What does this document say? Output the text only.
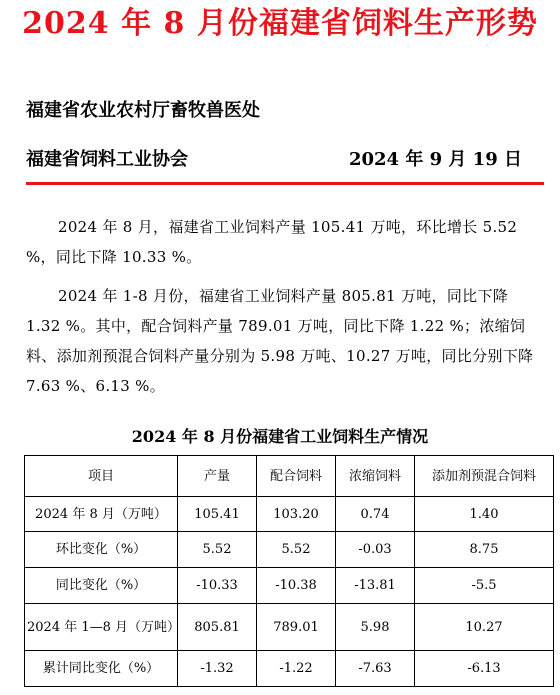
2024 年 8 月份福建省饲料生产形势
福建省农业农村厅畜牧兽医处
福建省饲料工业协会	2024 年 9 月 19 日
2024 年 8 月，福建省工业饲料产量 105.41 万吨，环比增长 5.52 %，同比下降 10.33 %。
2024 年 1-8 月份，福建省工业饲料产量 805.81 万吨，同比下降 1.32 %。其中，配合饲料产量 789.01 万吨，同比下降 1.22 %；浓缩饲料、添加剂预混合饲料产量分别为 5.98 万吨、10.27 万吨，同比分别下降 7.63 %、6.13 %。
2024 年 8 月份福建省工业饲料生产情况
项目	产量	配合饲料	浓缩饲料	添加剂预混合饲料
2024 年 8 月（万吨）	105.41	103.20	0.74	1.40
环比变化（%）	5.52	5.52	-0.03	8.75
同比变化（%）	-10.33	-10.38	-13.81	-5.5
2024 年 1—8 月（万吨）	805.81	789.01	5.98	10.27
累计同比变化（%）	-1.32	-1.22	-7.63	-6.13
